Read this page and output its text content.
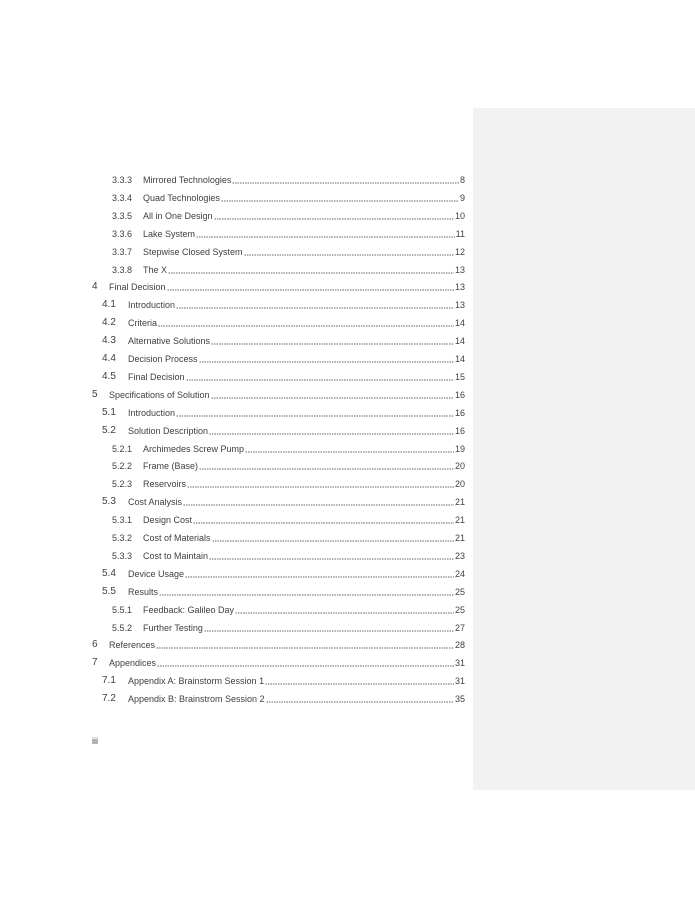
3.3.3	Mirrored Technologies	8
3.3.4	Quad Technologies	9
3.3.5	All in One Design	10
3.3.6	Lake System	11
3.3.7	Stepwise Closed System	12
3.3.8	The X	13
4	Final Decision	13
4.1	Introduction	13
4.2	Criteria	14
4.3	Alternative Solutions	14
4.4	Decision Process	14
4.5	Final Decision	15
5	Specifications of Solution	16
5.1	Introduction	16
5.2	Solution Description	16
5.2.1	Archimedes Screw Pump	19
5.2.2	Frame (Base)	20
5.2.3	Reservoirs	20
5.3	Cost Analysis	21
5.3.1	Design Cost	21
5.3.2	Cost of Materials	21
5.3.3	Cost to Maintain	23
5.4	Device Usage	24
5.5	Results	25
5.5.1	Feedback: Galileo Day	25
5.5.2	Further Testing	27
6	References	28
7	Appendices	31
7.1	Appendix A: Brainstorm Session 1	31
7.2	Appendix B: Brainstrom Session 2	35
iii
